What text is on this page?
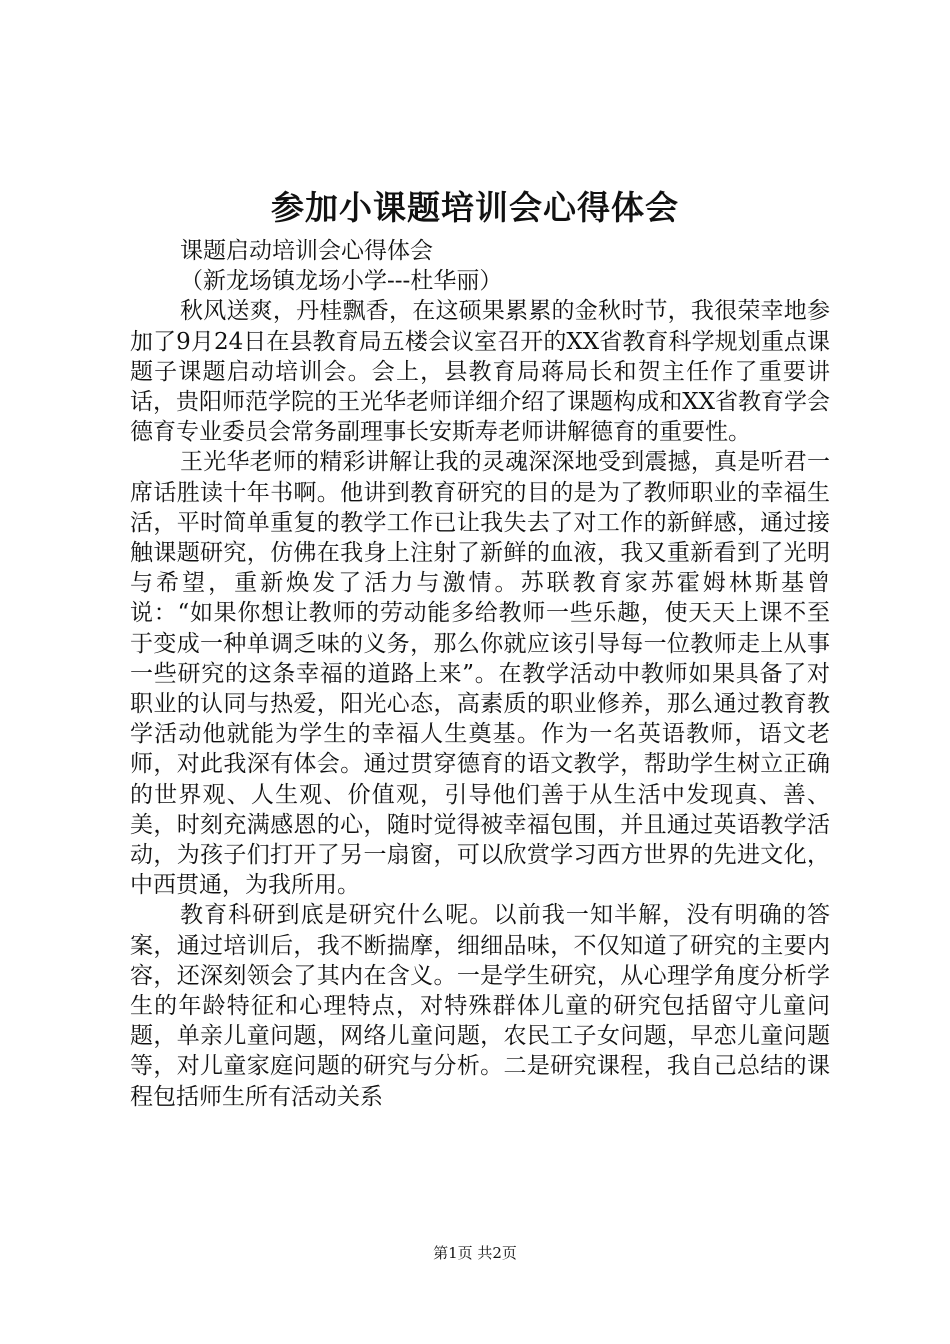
参加小课题培训会心得体会

课题启动培训会心得体会

（新龙场镇龙场小学---杜华丽）

秋风送爽，丹桂飘香，在这硕果累累的金秋时节，我很荣幸地参加了9月24日在县教育局五楼会议室召开的XX省教育科学规划重点课题子课题启动培训会。会上，县教育局蒋局长和贺主任作了重要讲话，贵阳师范学院的王光华老师详细介绍了课题构成和XX省教育学会德育专业委员会常务副理事长安斯寿老师讲解德育的重要性。

王光华老师的精彩讲解让我的灵魂深深地受到震撼，真是听君一席话胜读十年书啊。他讲到教育研究的目的是为了教师职业的幸福生活，平时简单重复的教学工作已让我失去了对工作的新鲜感，通过接触课题研究，仿佛在我身上注射了新鲜的血液，我又重新看到了光明与希望，重新焕发了活力与激情。苏联教育家苏霍姆林斯基曾说：“如果你想让教师的劳动能多给教师一些乐趣，使天天上课不至于变成一种单调乏味的义务，那么你就应该引导每一位教师走上从事一些研究的这条幸福的道路上来”。在教学活动中教师如果具备了对职业的认同与热爱，阳光心态，高素质的职业修养，那么通过教育教学活动他就能为学生的幸福人生奠基。作为一名英语教师，语文老师，对此我深有体会。通过贯穿德育的语文教学，帮助学生树立正确的世界观、人生观、价值观，引导他们善于从生活中发现真、善、美，时刻充满感恩的心，随时觉得被幸福包围，并且通过英语教学活动，为孩子们打开了另一扇窗，可以欣赏学习西方世界的先进文化，中西贯通，为我所用。

教育科研到底是研究什么呢。以前我一知半解，没有明确的答案，通过培训后，我不断揣摩，细细品味，不仅知道了研究的主要内容，还深刻领会了其内在含义。一是学生研究，从心理学角度分析学生的年龄特征和心理特点，对特殊群体儿童的研究包括留守儿童问题，单亲儿童问题，网络儿童问题，农民工子女问题，早恋儿童问题等，对儿童家庭问题的研究与分析。二是研究课程，我自己总结的课程包括师生所有活动关系

第1页 共2页
